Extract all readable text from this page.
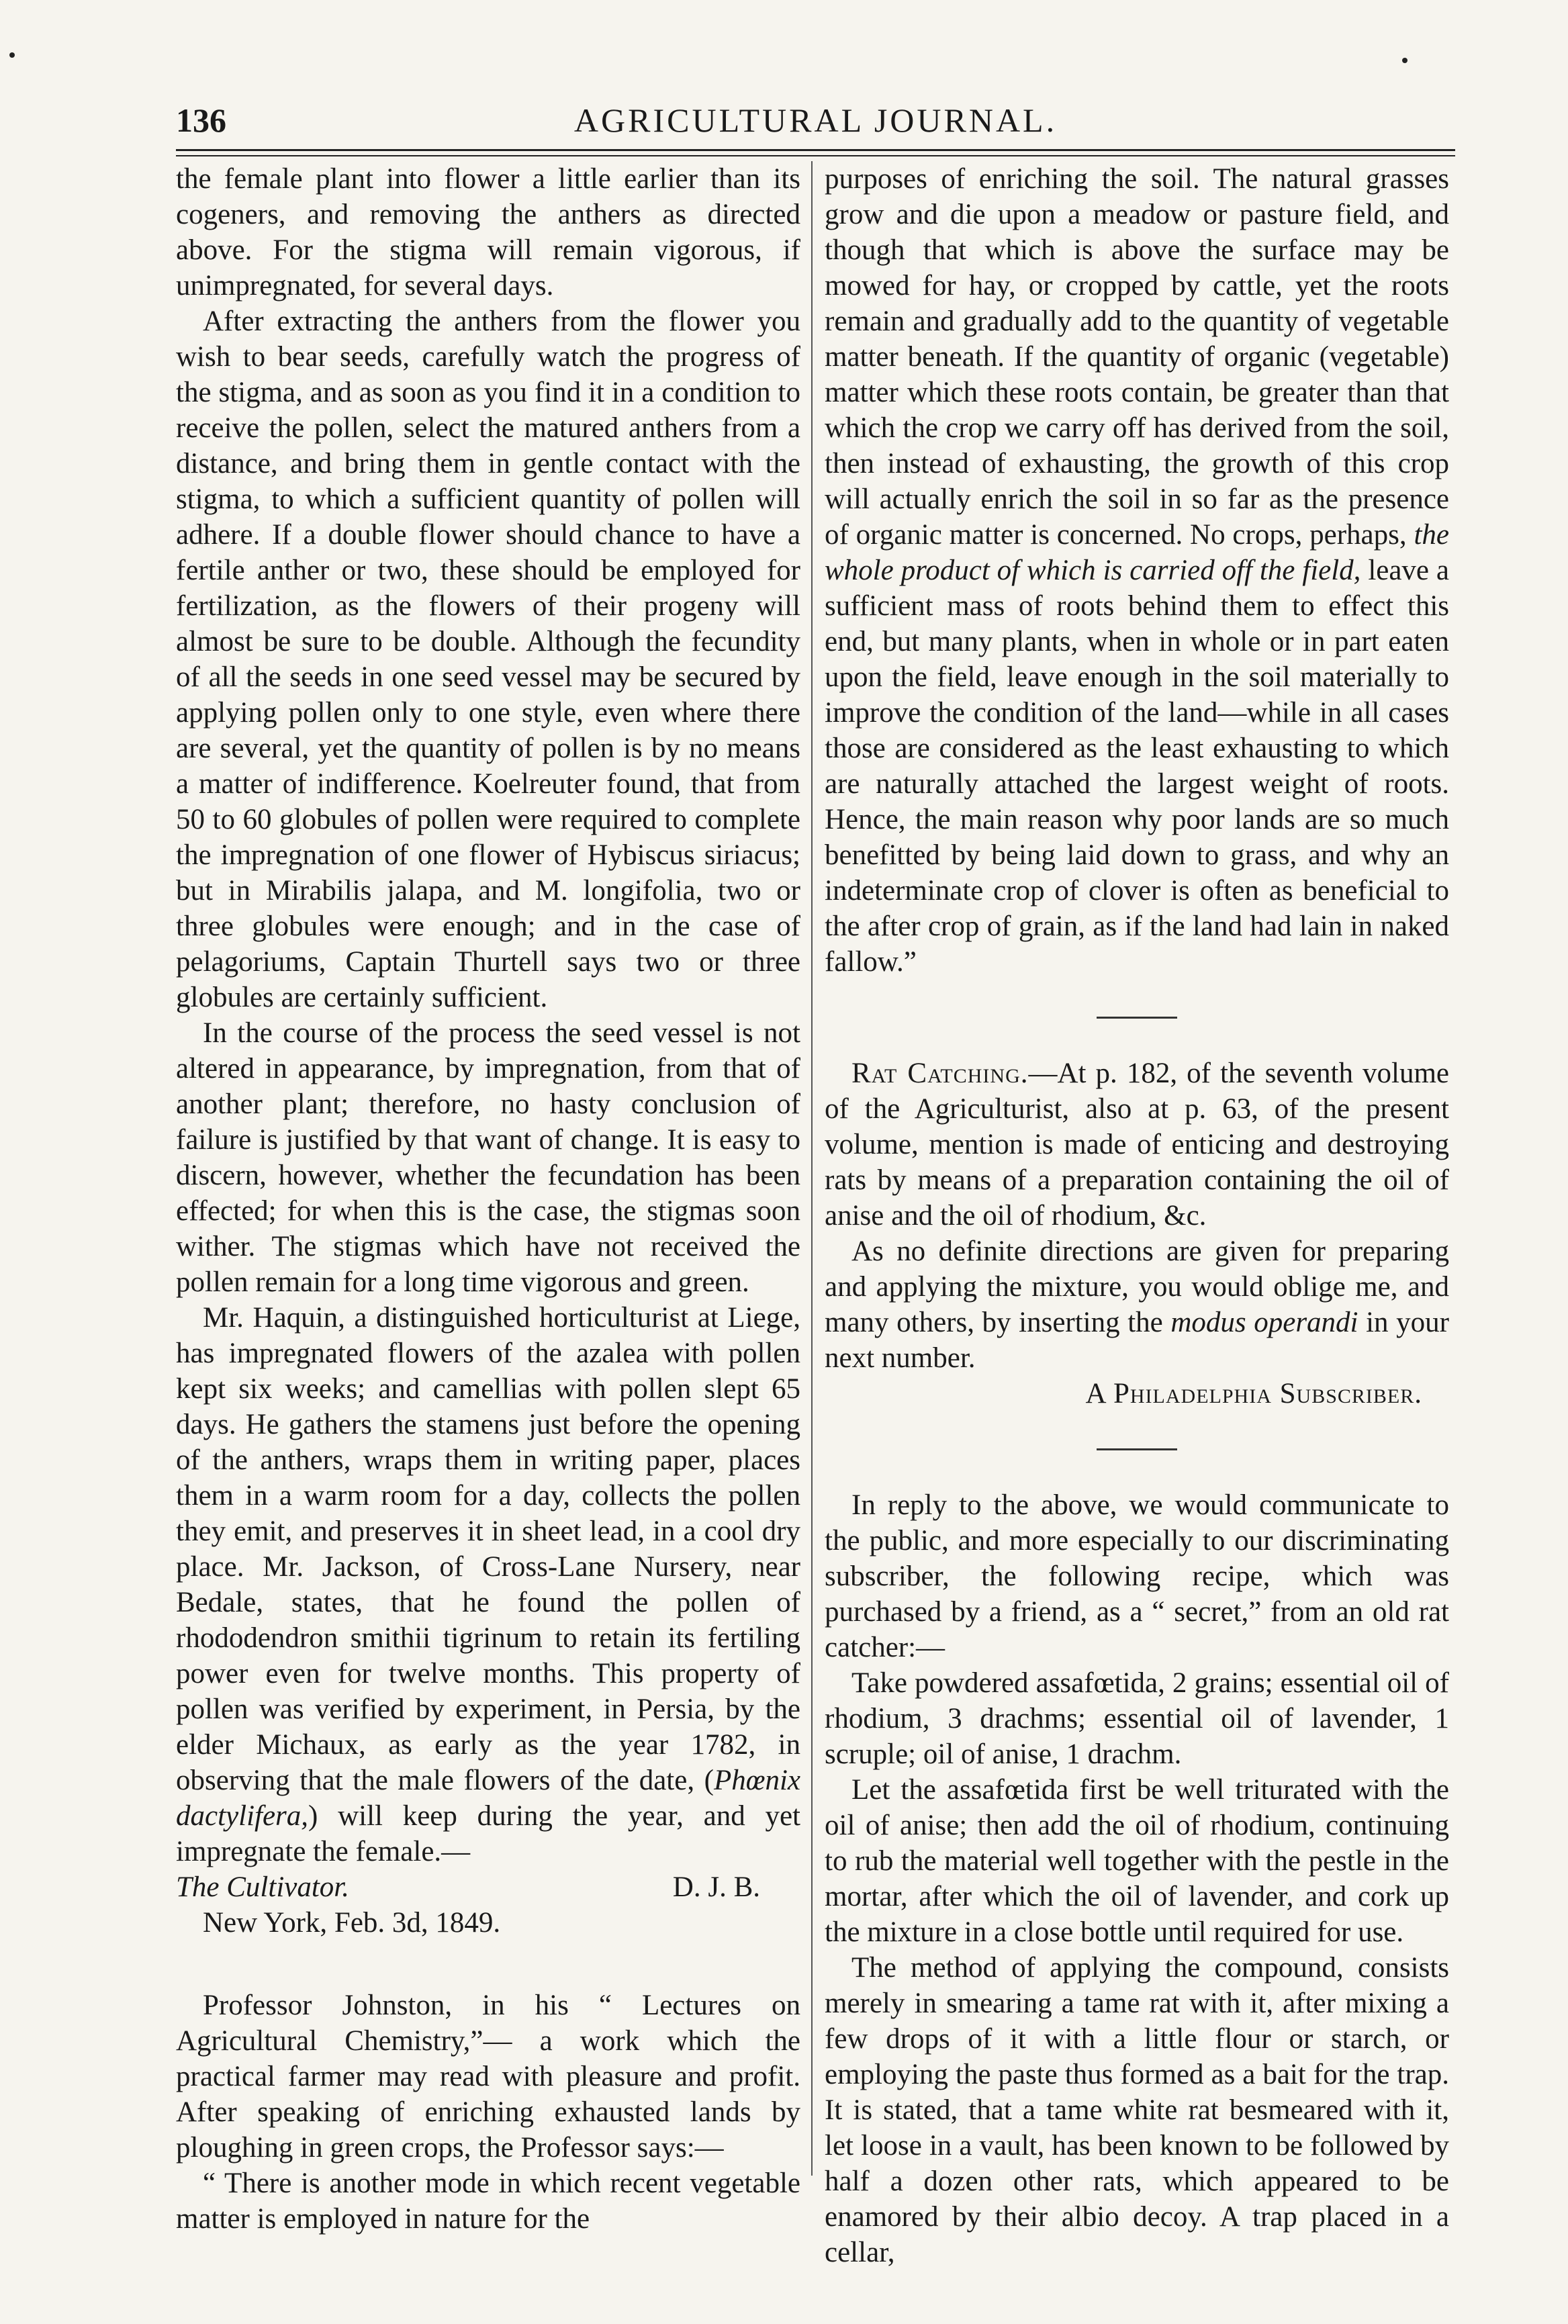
136	AGRICULTURAL JOURNAL.

the female plant into flower a little earlier than its cogeners, and removing the anthers as directed above. For the stigma will remain vigorous, if unimpregnated, for several days.

After extracting the anthers from the flower you wish to bear seeds, carefully watch the progress of the stigma, and as soon as you find it in a condition to receive the pollen, select the matured anthers from a distance, and bring them in gentle contact with the stigma, to which a sufficient quantity of pollen will adhere. If a double flower should chance to have a fertile anther or two, these should be employed for fertilization, as the flowers of their progeny will almost be sure to be double. Although the fecundity of all the seeds in one seed vessel may be secured by applying pollen only to one style, even where there are several, yet the quantity of pollen is by no means a matter of indifference. Koelreuter found, that from 50 to 60 globules of pollen were required to complete the impregnation of one flower of Hybiscus siriacus; but in Mirabilis jalapa, and M. longifolia, two or three globules were enough; and in the case of pelagoriums, Captain Thurtell says two or three globules are certainly sufficient.

In the course of the process the seed vessel is not altered in appearance, by impregnation, from that of another plant; therefore, no hasty conclusion of failure is justified by that want of change. It is easy to discern, however, whether the fecundation has been effected; for when this is the case, the stigmas soon wither. The stigmas which have not received the pollen remain for a long time vigorous and green.

Mr. Haquin, a distinguished horticulturist at Liege, has impregnated flowers of the azalea with pollen kept six weeks; and camellias with pollen slept 65 days. He gathers the stamens just before the opening of the anthers, wraps them in writing paper, places them in a warm room for a day, collects the pollen they emit, and preserves it in sheet lead, in a cool dry place. Mr. Jackson, of Cross-Lane Nursery, near Bedale, states, that he found the pollen of rhododendron smithii tigrinum to retain its fertiling power even for twelve months. This property of pollen was verified by experiment, in Persia, by the elder Michaux, as early as the year 1782, in observing that the male flowers of the date, (Phœnix dactylifera,) will keep during the year, and yet impregnate the female.—

The Cultivator.	D. J. B.

New York, Feb. 3d, 1849.

Professor Johnston, in his “ Lectures on Agricultural Chemistry,”— a work which the practical farmer may read with pleasure and profit. After speaking of enriching exhausted lands by ploughing in green crops, the Professor says:—

“ There is another mode in which recent vegetable matter is employed in nature for the

purposes of enriching the soil. The natural grasses grow and die upon a meadow or pasture field, and though that which is above the surface may be mowed for hay, or cropped by cattle, yet the roots remain and gradually add to the quantity of vegetable matter beneath. If the quantity of organic (vegetable) matter which these roots contain, be greater than that which the crop we carry off has derived from the soil, then instead of exhausting, the growth of this crop will actually enrich the soil in so far as the presence of organic matter is concerned. No crops, perhaps, the whole product of which is carried off the field, leave a sufficient mass of roots behind them to effect this end, but many plants, when in whole or in part eaten upon the field, leave enough in the soil materially to improve the condition of the land—while in all cases those are considered as the least exhausting to which are naturally attached the largest weight of roots. Hence, the main reason why poor lands are so much benefitted by being laid down to grass, and why an indeterminate crop of clover is often as beneficial to the after crop of grain, as if the land had lain in naked fallow.”

Rat Catching.—At p. 182, of the seventh volume of the Agriculturist, also at p. 63, of the present volume, mention is made of enticing and destroying rats by means of a preparation containing the oil of anise and the oil of rhodium, &c.

As no definite directions are given for preparing and applying the mixture, you would oblige me, and many others, by inserting the modus operandi in your next number.

A Philadelphia Subscriber.

In reply to the above, we would communicate to the public, and more especially to our discriminating subscriber, the following recipe, which was purchased by a friend, as a “ secret,” from an old rat catcher:—

Take powdered assafœtida, 2 grains; essential oil of rhodium, 3 drachms; essential oil of lavender, 1 scruple; oil of anise, 1 drachm.

Let the assafœtida first be well triturated with the oil of anise; then add the oil of rhodium, continuing to rub the material well together with the pestle in the mortar, after which the oil of lavender, and cork up the mixture in a close bottle until required for use.

The method of applying the compound, consists merely in smearing a tame rat with it, after mixing a few drops of it with a little flour or starch, or employing the paste thus formed as a bait for the trap. It is stated, that a tame white rat besmeared with it, let loose in a vault, has been known to be followed by half a dozen other rats, which appeared to be enamored by their albio decoy. A trap placed in a cellar,
